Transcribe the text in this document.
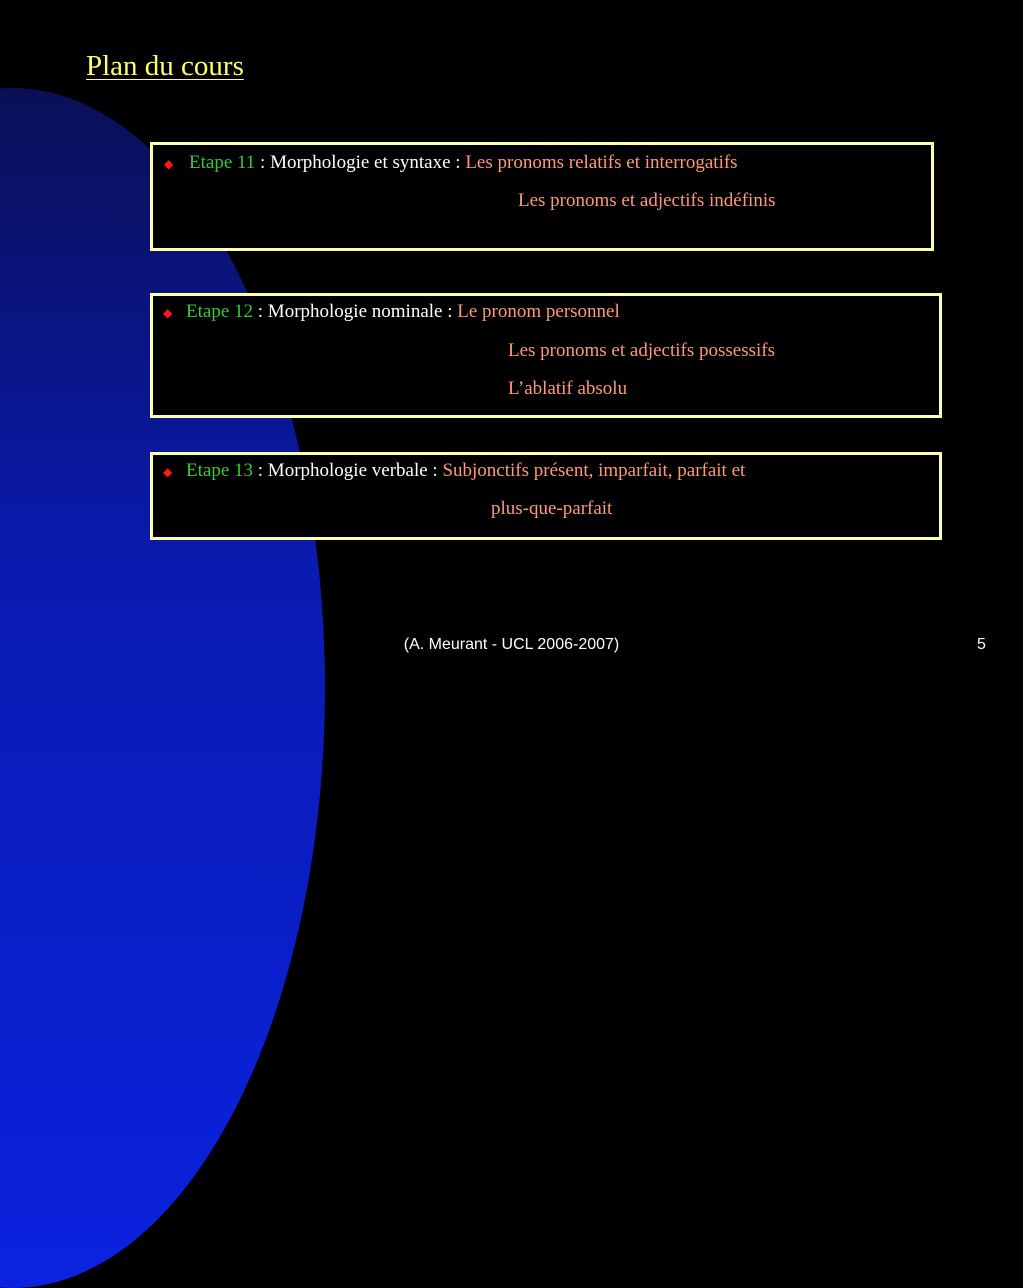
Plan du cours
◆ Etape 11 : Morphologie et syntaxe : Les pronoms relatifs et interrogatifs
Les pronoms et adjectifs indéfinis
◆ Etape 12 : Morphologie nominale : Le pronom personnel
Les pronoms et adjectifs possessifs
L’ablatif absolu
◆ Etape 13 : Morphologie verbale : Subjonctifs présent, imparfait, parfait et
plus-que-parfait
(A. Meurant - UCL 2006-2007)	5
